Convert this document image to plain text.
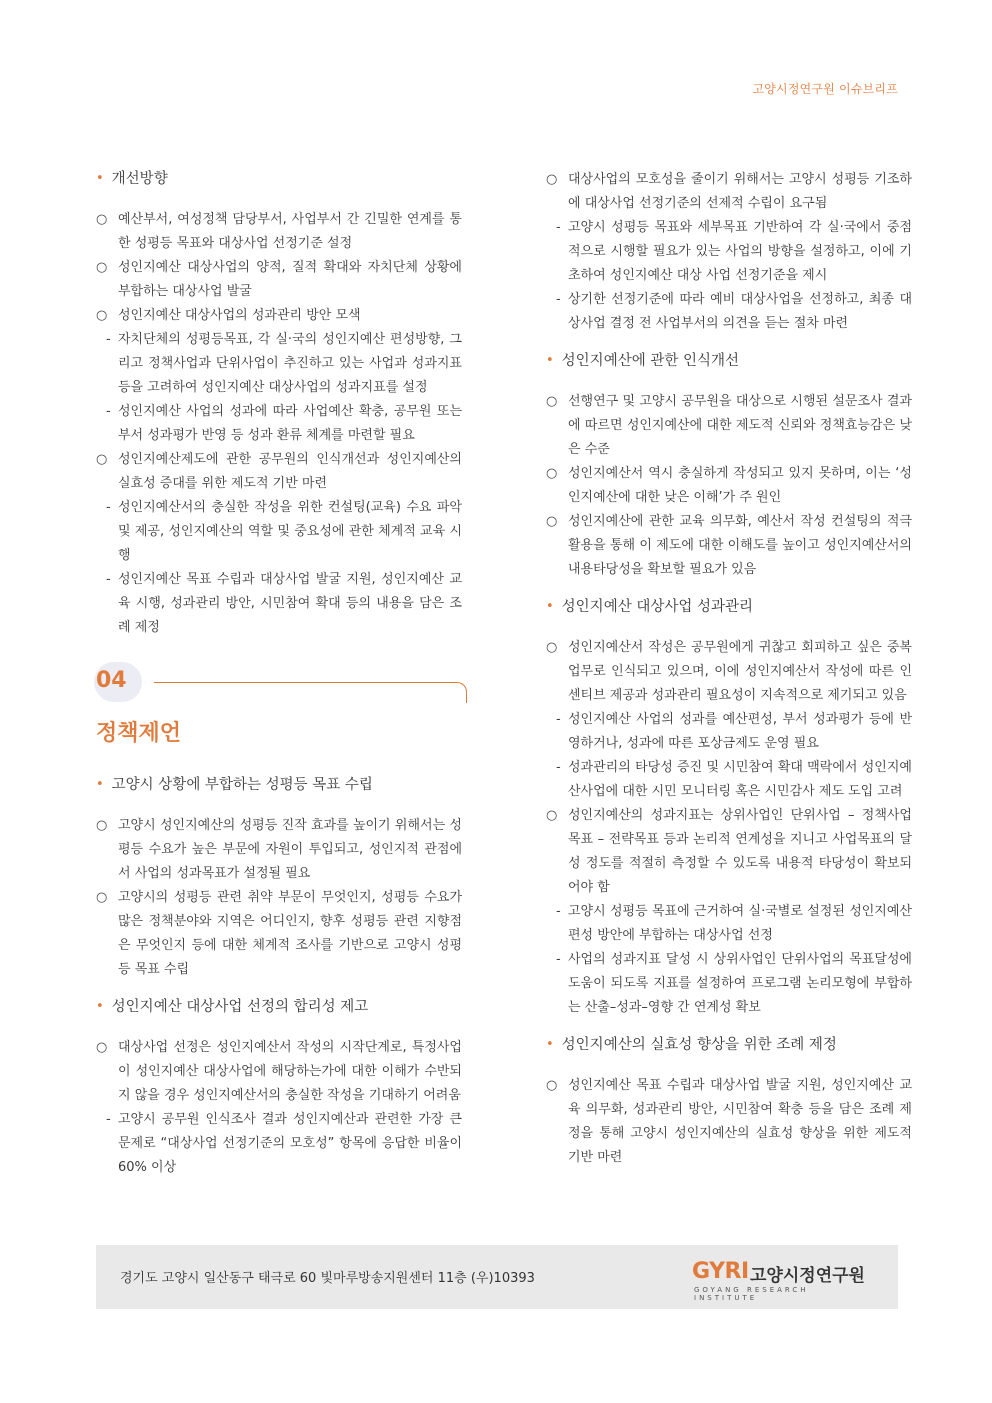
고양시정연구원 이슈브리프
• 개선방향
○ 예산부서, 여성정책 담당부서, 사업부서 간 긴밀한 연계를 통한 성평등 목표와 대상사업 선정기준 설정
○ 성인지예산 대상사업의 양적, 질적 확대와 자치단체 상황에 부합하는 대상사업 발굴
○ 성인지예산 대상사업의 성과관리 방안 모색
- 자치단체의 성평등목표, 각 실·국의 성인지예산 편성방향, 그리고 정책사업과 단위사업이 추진하고 있는 사업과 성과지표 등을 고려하여 성인지예산 대상사업의 성과지표를 설정
- 성인지예산 사업의 성과에 따라 사업예산 확충, 공무원 또는 부서 성과평가 반영 등 성과 환류 체계를 마련할 필요
○ 성인지예산제도에 관한 공무원의 인식개선과 성인지예산의 실효성 증대를 위한 제도적 기반 마련
- 성인지예산서의 충실한 작성을 위한 컨설팅(교육) 수요 파악 및 제공, 성인지예산의 역할 및 중요성에 관한 체계적 교육 시행
- 성인지예산 목표 수립과 대상사업 발굴 지원, 성인지예산 교육 시행, 성과관리 방안, 시민참여 확대 등의 내용을 담은 조례 제정
04
정책제언
• 고양시 상황에 부합하는 성평등 목표 수립
○ 고양시 성인지예산의 성평등 진작 효과를 높이기 위해서는 성평등 수요가 높은 부문에 자원이 투입되고, 성인지적 관점에서 사업의 성과목표가 설정될 필요
○ 고양시의 성평등 관련 취약 부문이 무엇인지, 성평등 수요가 많은 정책분야와 지역은 어디인지, 향후 성평등 관련 지향점은 무엇인지 등에 대한 체계적 조사를 기반으로 고양시 성평등 목표 수립
• 성인지예산 대상사업 선정의 합리성 제고
○ 대상사업 선정은 성인지예산서 작성의 시작단계로, 특정사업이 성인지예산 대상사업에 해당하는가에 대한 이해가 수반되지 않을 경우 성인지예산서의 충실한 작성을 기대하기 어려움
- 고양시 공무원 인식조사 결과 성인지예산과 관련한 가장 큰 문제로 “대상사업 선정기준의 모호성” 항목에 응답한 비율이 60% 이상
○ 대상사업의 모호성을 줄이기 위해서는 고양시 성평등 기조하에 대상사업 선정기준의 선제적 수립이 요구됨
- 고양시 성평등 목표와 세부목표 기반하여 각 실·국에서 중점적으로 시행할 필요가 있는 사업의 방향을 설정하고, 이에 기초하여 성인지예산 대상 사업 선정기준을 제시
- 상기한 선정기준에 따라 예비 대상사업을 선정하고, 최종 대상사업 결정 전 사업부서의 의견을 듣는 절차 마련
• 성인지예산에 관한 인식개선
○ 선행연구 및 고양시 공무원을 대상으로 시행된 설문조사 결과에 따르면 성인지예산에 대한 제도적 신뢰와 정책효능감은 낮은 수준
○ 성인지예산서 역시 충실하게 작성되고 있지 못하며, 이는 ‘성인지예산에 대한 낮은 이해’가 주 원인
○ 성인지예산에 관한 교육 의무화, 예산서 작성 컨설팅의 적극 활용을 통해 이 제도에 대한 이해도를 높이고 성인지예산서의 내용타당성을 확보할 필요가 있음
• 성인지예산 대상사업 성과관리
○ 성인지예산서 작성은 공무원에게 귀찮고 회피하고 싶은 중복업무로 인식되고 있으며, 이에 성인지예산서 작성에 따른 인센티브 제공과 성과관리 필요성이 지속적으로 제기되고 있음
- 성인지예산 사업의 성과를 예산편성, 부서 성과평가 등에 반영하거나, 성과에 따른 포상금제도 운영 필요
- 성과관리의 타당성 증진 및 시민참여 확대 맥락에서 성인지예산사업에 대한 시민 모니터링 혹은 시민감사 제도 도입 고려
○ 성인지예산의 성과지표는 상위사업인 단위사업 – 정책사업 목표 – 전략목표 등과 논리적 연계성을 지니고 사업목표의 달성 정도를 적절히 측정할 수 있도록 내용적 타당성이 확보되어야 함
- 고양시 성평등 목표에 근거하여 실·국별로 설정된 성인지예산 편성 방안에 부합하는 대상사업 선정
- 사업의 성과지표 달성 시 상위사업인 단위사업의 목표달성에 도움이 되도록 지표를 설정하여 프로그램 논리모형에 부합하는 산출–성과–영향 간 연계성 확보
• 성인지예산의 실효성 향상을 위한 조례 제정
○ 성인지예산 목표 수립과 대상사업 발굴 지원, 성인지예산 교육 의무화, 성과관리 방안, 시민참여 확충 등을 담은 조례 제정을 통해 고양시 성인지예산의 실효성 향상을 위한 제도적 기반 마련
경기도 고양시 일산동구 태극로 60 빛마루방송지원센터 11층 (우)10393	GYRI 고양시정연구원
GOYANG RESEARCH INSTITUTE
